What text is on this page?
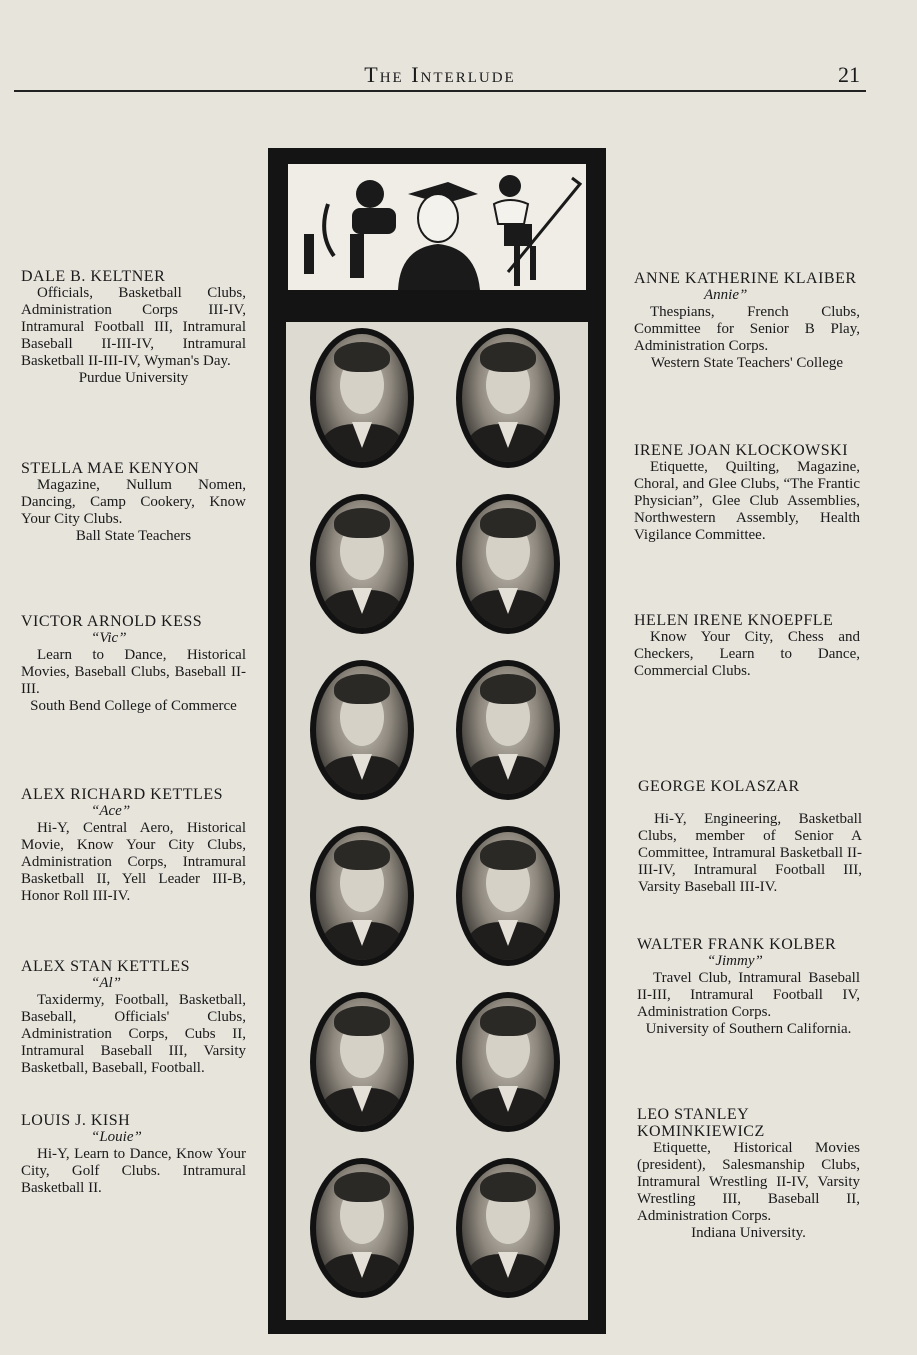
The Interlude	21
DALE B. KELTNER
Officials, Basketball Clubs, Administration Corps III-IV, Intramural Football III, Intramural Baseball II-III-IV, Intramural Basketball II-III-IV, Wyman's Day.
Purdue University
STELLA MAE KENYON
Magazine, Nullum Nomen, Dancing, Camp Cookery, Know Your City Clubs.
Ball State Teachers
VICTOR ARNOLD KESS
“Vic”
Learn to Dance, Historical Movies, Baseball Clubs, Baseball II-III.
South Bend College of Commerce
ALEX RICHARD KETTLES
“Ace”
Hi-Y, Central Aero, Historical Movie, Know Your City Clubs, Administration Corps, Intramural Basketball II, Yell Leader III-B, Honor Roll III-IV.
ALEX STAN KETTLES
“Al”
Taxidermy, Football, Basketball, Baseball, Officials' Clubs, Administration Corps, Cubs II, Intramural Baseball III, Varsity Basketball, Baseball, Football.
LOUIS J. KISH
“Louie”
Hi-Y, Learn to Dance, Know Your City, Golf Clubs. Intramural Basketball II.
ANNE KATHERINE KLAIBER
Annie”
Thespians, French Clubs, Committee for Senior B Play, Administration Corps.
Western State Teachers' College
IRENE JOAN KLOCKOWSKI
Etiquette, Quilting, Magazine, Choral, and Glee Clubs, “The Frantic Physician”, Glee Club Assemblies, Northwestern Assembly, Health Vigilance Committee.
HELEN IRENE KNOEPFLE
Know Your City, Chess and Checkers, Learn to Dance, Commercial Clubs.
GEORGE KOLASZAR
Hi-Y, Engineering, Basketball Clubs, member of Senior A Committee, Intramural Basketball II-III-IV, Intramural Football III, Varsity Baseball III-IV.
WALTER FRANK KOLBER
“Jimmy”
Travel Club, Intramural Baseball II-III, Intramural Football IV, Administration Corps.
University of Southern California.
LEO STANLEY KOMINKIEWICZ
Etiquette, Historical Movies (president), Salesmanship Clubs, Intramural Wrestling II-IV, Varsity Wrestling III, Baseball II, Administration Corps.
Indiana University.
